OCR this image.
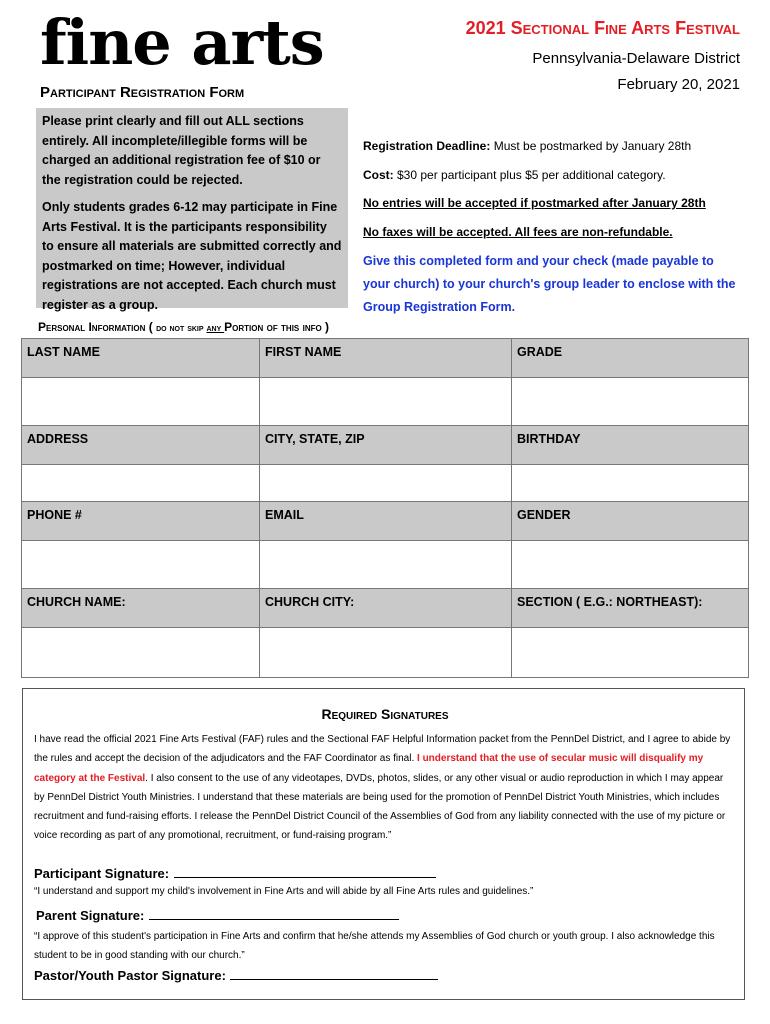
fine arts	2021 Sectional Fine Arts Festival
Pennsylvania-Delaware District
February 20, 2021
Participant Registration Form

Please print clearly and fill out ALL sections entirely. All incomplete/illegible forms will be charged an additional registration fee of $10 or the registration could be rejected.

Only students grades 6-12 may participate in Fine Arts Festival. It is the participants responsibility to ensure all materials are submitted correctly and postmarked on time; However, individual registrations are not accepted. Each church must register as a group.

Registration Deadline: Must be postmarked by January 28th
Cost: $30 per participant plus $5 per additional category.
No entries will be accepted if postmarked after January 28th
No faxes will be accepted. All fees are non-refundable.
Give this completed form and your check (made payable to your church) to your church's group leader to enclose with the Group Registration Form.
Personal Information ( do not skip any Portion of this info )
LAST NAME	FIRST NAME	GRADE

ADDRESS	CITY, STATE, ZIP	BIRTHDAY

PHONE #	EMAIL	GENDER

CHURCH NAME:	CHURCH CITY:	SECTION ( E.G.: NORTHEAST):

Required Signatures
I have read the official 2021 Fine Arts Festival (FAF) rules and the Sectional FAF Helpful Information packet from the PennDel District, and I agree to abide by the rules and accept the decision of the adjudicators and the FAF Coordinator as final. I understand that the use of secular music will disqualify my category at the Festival. I also consent to the use of any videotapes, DVDs, photos, slides, or any other visual or audio reproduction in which I may appear by PennDel District Youth Ministries. I understand that these materials are being used for the promotion of PennDel District Youth Ministries, which includes recruitment and fund-raising efforts. I release the PennDel District Council of the Assemblies of God from any liability connected with the use of my picture or voice recording as part of any promotional, recruitment, or fund-raising program.”
Participant Signature:
“I understand and support my child's involvement in Fine Arts and will abide by all Fine Arts rules and guidelines.”
Parent Signature:
“I approve of this student's participation in Fine Arts and confirm that he/she attends my Assemblies of God church or youth group. I also acknowledge this student to be in good standing with our church.”
Pastor/Youth Pastor Signature:
